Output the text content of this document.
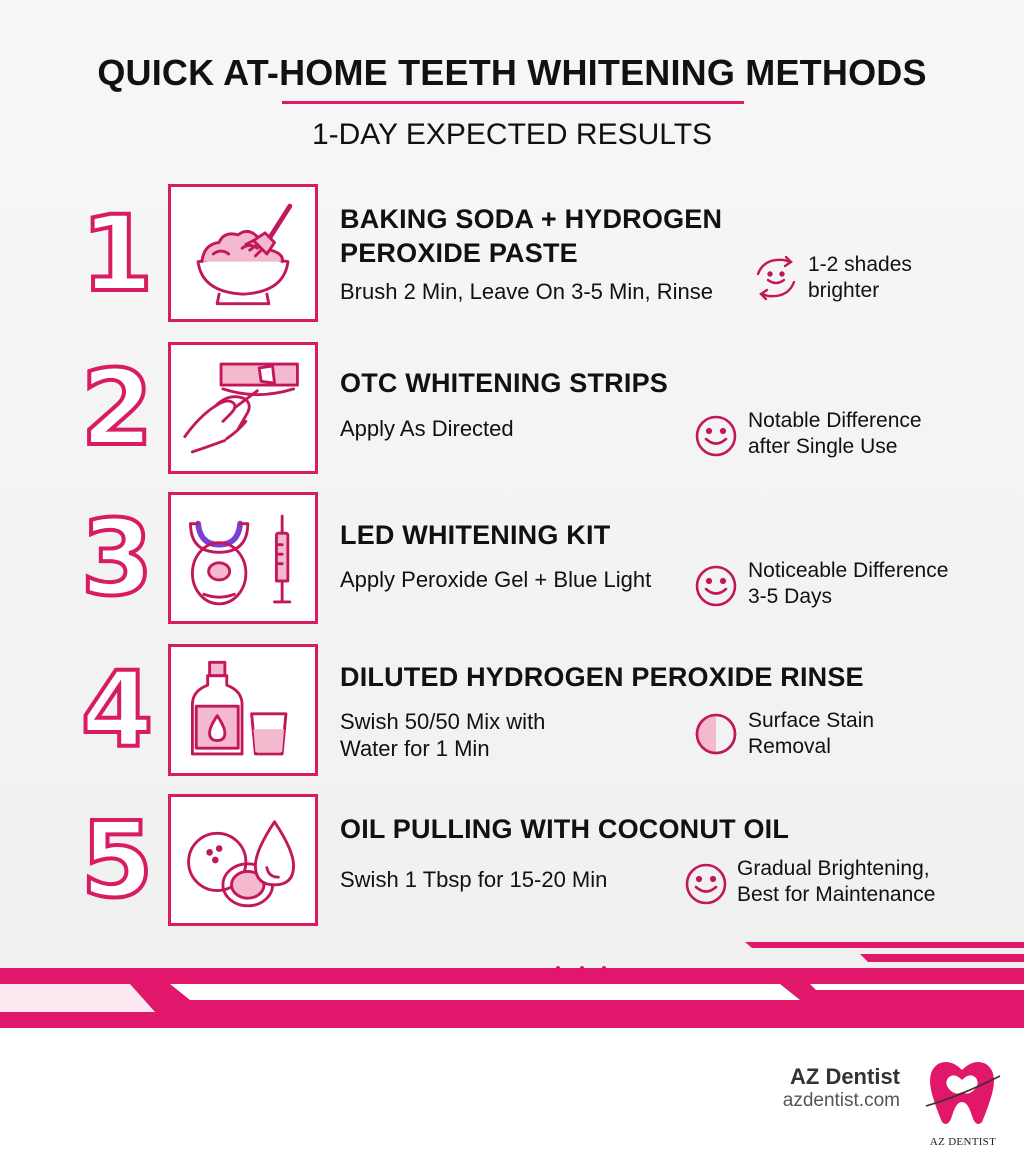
QUICK AT-HOME TEETH WHITENING METHODS
1-DAY EXPECTED RESULTS
1	BAKING SODA + HYDROGEN
PEROXIDE PASTE
Brush 2 Min, Leave On 3-5 Min, Rinse
1-2 shades
brighter
2	OTC WHITENING STRIPS
Apply As Directed	Notable Difference
after Single Use
3	LED WHITENING KIT
Apply Peroxide Gel + Blue Light	Noticeable Difference
3-5 Days
4	DILUTED HYDROGEN PEROXIDE RINSE
Swish 50/50 Mix with
Water for 1 Min
Surface Stain
Removal
5	OIL PULLING WITH COCONUT OIL
Swish 1 Tbsp for 15-20 Min	Gradual Brightening,
Best for Maintenance
AZ Dentist
azdentist.com
AZ DENTIST
